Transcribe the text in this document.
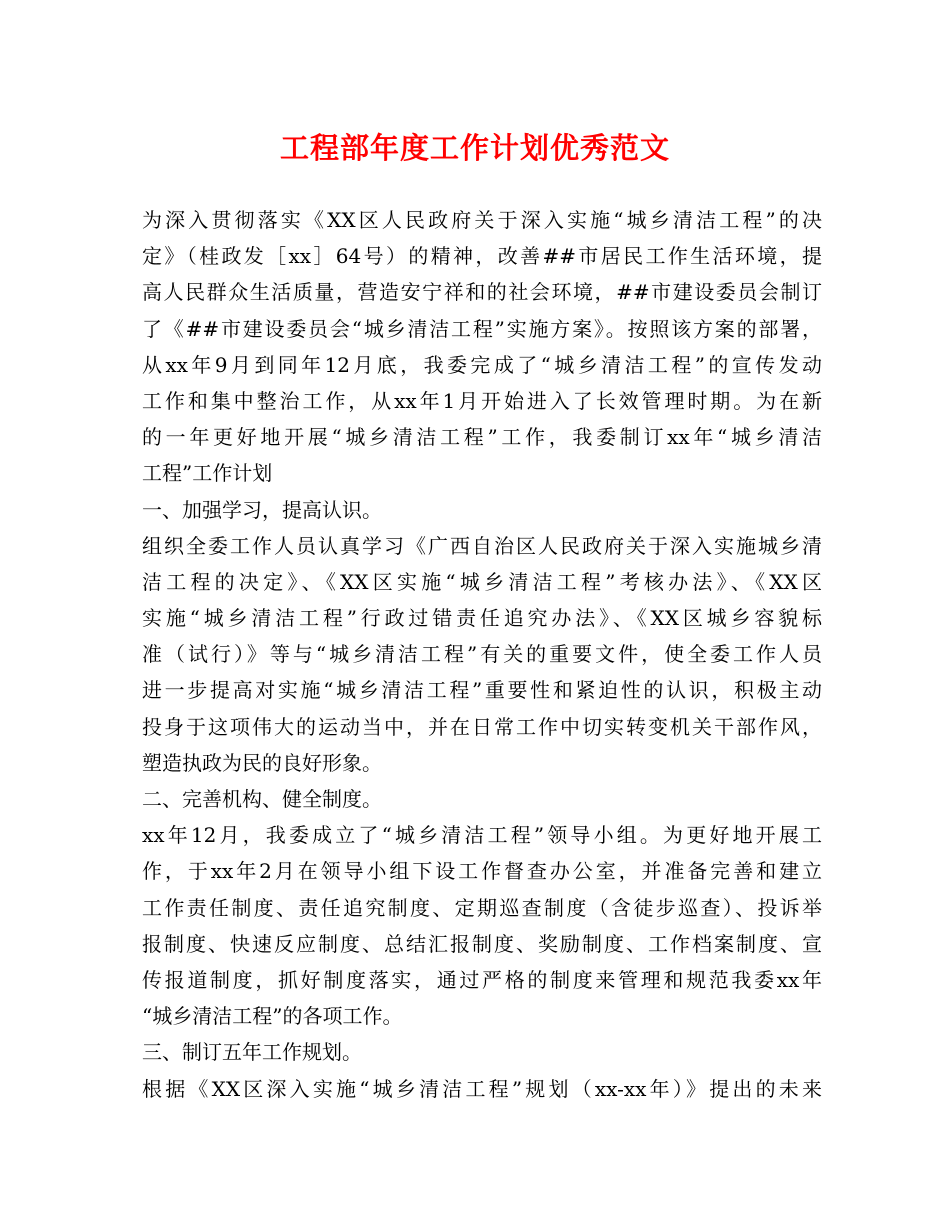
工程部年度工作计划优秀范文
为深入贯彻落实《XX区人民政府关于深入实施“城乡清洁工程”的决
定》（桂政发［xx］64号）的精神，改善##市居民工作生活环境，提
高人民群众生活质量，营造安宁祥和的社会环境，##市建设委员会制订
了《##市建设委员会“城乡清洁工程”实施方案》。按照该方案的部署，
从xx年9月到同年12月底，我委完成了“城乡清洁工程”的宣传发动
工作和集中整治工作，从xx年1月开始进入了长效管理时期。为在新
的一年更好地开展“城乡清洁工程”工作，我委制订xx年“城乡清洁
工程”工作计划
一、加强学习，提高认识。
组织全委工作人员认真学习《广西自治区人民政府关于深入实施城乡清
洁工程的决定》、《XX区实施“城乡清洁工程”考核办法》、《XX区
实施“城乡清洁工程”行政过错责任追究办法》、《XX区城乡容貌标
准（试行）》等与“城乡清洁工程”有关的重要文件，使全委工作人员
进一步提高对实施“城乡清洁工程”重要性和紧迫性的认识，积极主动
投身于这项伟大的运动当中，并在日常工作中切实转变机关干部作风，
塑造执政为民的良好形象。
二、完善机构、健全制度。
xx年12月，我委成立了“城乡清洁工程”领导小组。为更好地开展工
作，于xx年2月在领导小组下设工作督查办公室，并准备完善和建立
工作责任制度、责任追究制度、定期巡查制度（含徒步巡查）、投诉举
报制度、快速反应制度、总结汇报制度、奖励制度、工作档案制度、宣
传报道制度，抓好制度落实，通过严格的制度来管理和规范我委xx年
“城乡清洁工程”的各项工作。
三、制订五年工作规划。
根据《XX区深入实施“城乡清洁工程”规划（xx-xx年）》提出的未来
